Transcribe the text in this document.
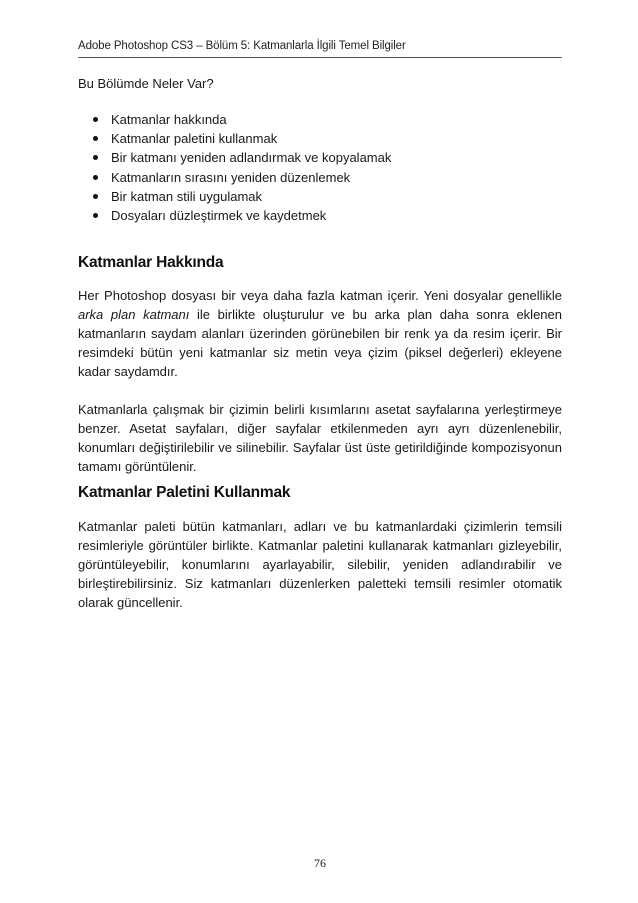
Adobe Photoshop CS3 – Bölüm 5: Katmanlarla İlgili Temel Bilgiler

Bu Bölümde Neler Var?

Katmanlar hakkında
Katmanlar paletini kullanmak
Bir katmanı yeniden adlandırmak ve kopyalamak
Katmanların sırasını yeniden düzenlemek
Bir katman stili uygulamak
Dosyaları düzleştirmek ve kaydetmek
Katmanlar Hakkında

Her Photoshop dosyası bir veya daha fazla katman içerir. Yeni dosyalar genellikle arka plan katmanı ile birlikte oluşturulur ve bu arka plan daha sonra eklenen katmanların saydam alanları üzerinden görünebilen bir renk ya da resim içerir. Bir resimdeki bütün yeni katmanlar siz metin veya çizim (piksel değerleri) ekleyene kadar saydamdır.

Katmanlarla çalışmak bir çizimin belirli kısımlarını asetat sayfalarına yerleştirmeye benzer. Asetat sayfaları, diğer sayfalar etkilenmeden ayrı ayrı düzenlenebilir, konumları değiştirilebilir ve silinebilir. Sayfalar üst üste getirildiğinde kompozisyonun tamamı görüntülenir.

Katmanlar Paletini Kullanmak

Katmanlar paleti bütün katmanları, adları ve bu katmanlardaki çizimlerin temsili resimleriyle görüntüler birlikte. Katmanlar paletini kullanarak katmanları gizleyebilir, görüntüleyebilir, konumlarını ayarlayabilir, silebilir, yeniden adlandırabilir ve birleştirebilirsiniz. Siz katmanları düzenlerken paletteki temsili resimler otomatik olarak güncellenir.

76
